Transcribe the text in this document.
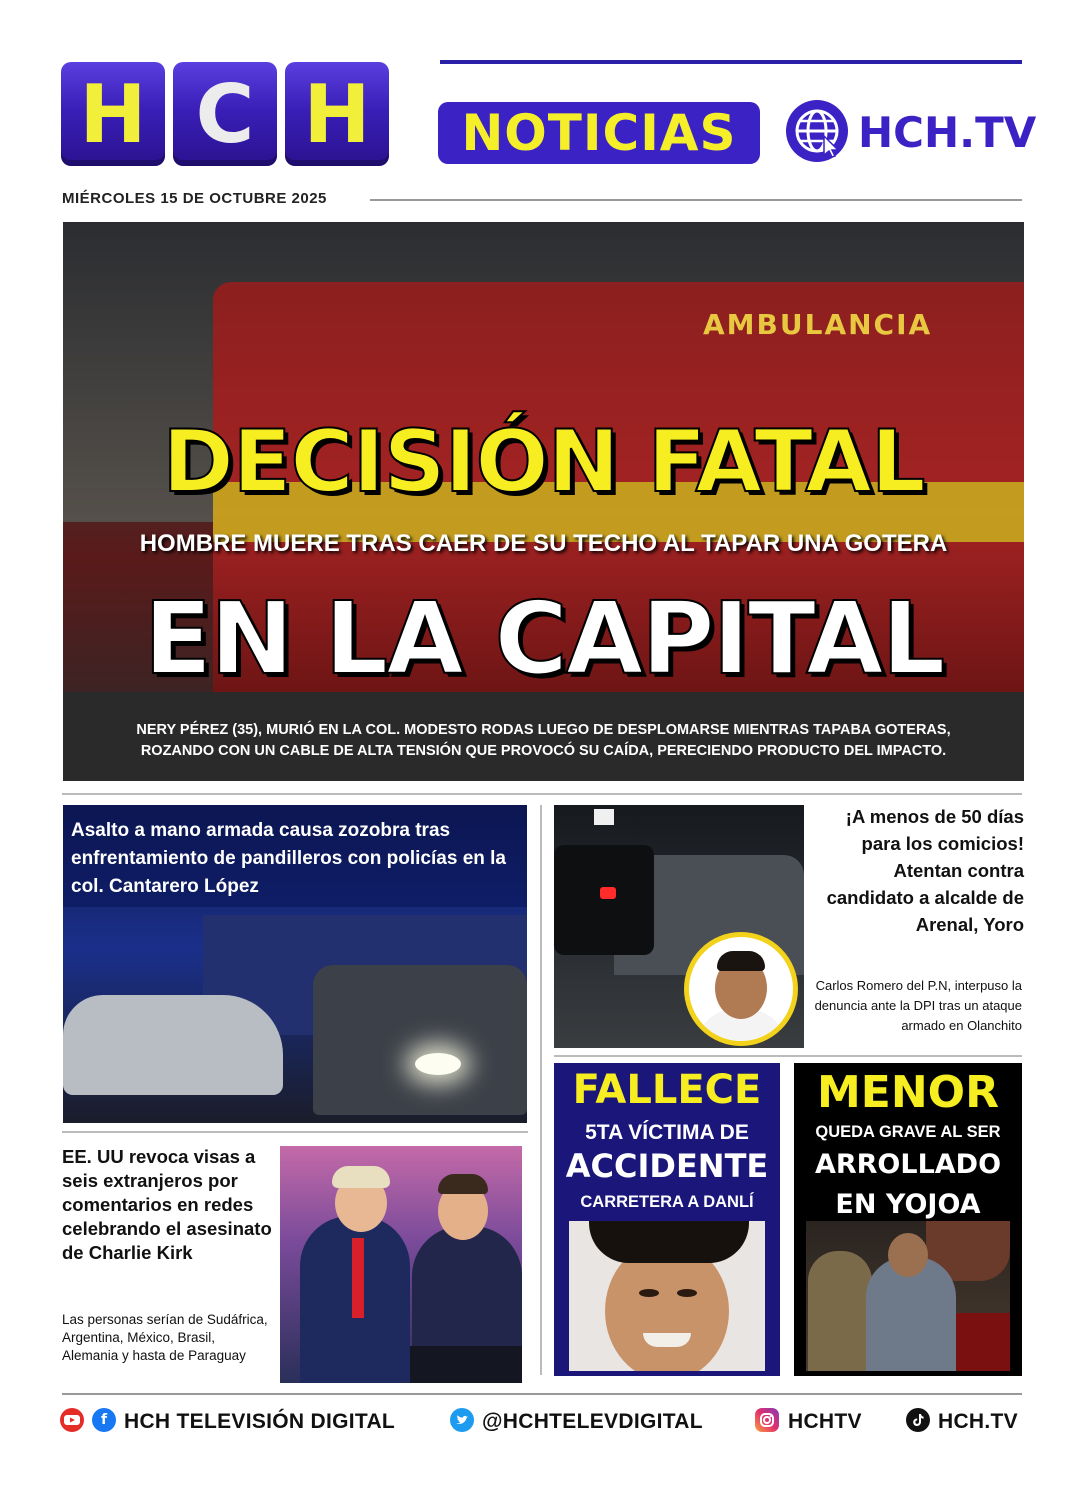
H C H	NOTICIAS	HCH.TV
MIÉRCOLES 15 DE OCTUBRE 2025
AMBULANCIA
DECISIÓN FATAL
HOMBRE MUERE TRAS CAER DE SU TECHO AL TAPAR UNA GOTERA
EN LA CAPITAL
NERY PÉREZ (35), MURIÓ EN LA COL. MODESTO RODAS LUEGO DE DESPLOMARSE MIENTRAS TAPABA GOTERAS,
ROZANDO CON UN CABLE DE ALTA TENSIÓN QUE PROVOCÓ SU CAÍDA, PERECIENDO PRODUCTO DEL IMPACTO.
Asalto a mano armada causa zozobra tras enfrentamiento de pandilleros con policías en la col. Cantarero López
¡A menos de 50 días para los comicios! Atentan contra candidato a alcalde de Arenal, Yoro
Carlos Romero del P.N, interpuso la denuncia ante la DPI tras un ataque armado en Olanchito
EE. UU revoca visas a seis extranjeros por comentarios en redes celebrando el asesinato de Charlie Kirk
Las personas serían de Sudáfrica, Argentina, México, Brasil, Alemania y hasta de Paraguay
FALLECE
5TA VÍCTIMA DE
ACCIDENTE
CARRETERA A DANLÍ
MENOR
QUEDA GRAVE AL SER
ARROLLADO
EN YOJOA
f HCH TELEVISIÓN DIGITAL	@HCHTELEVDIGITAL	HCHTV	HCH.TV
